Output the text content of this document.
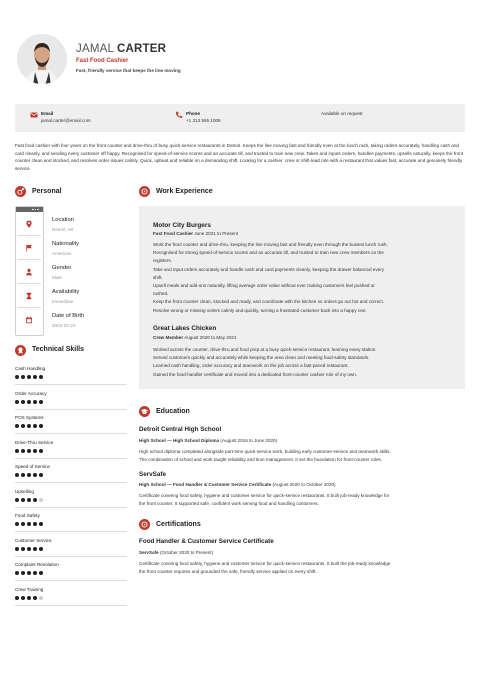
JAMAL CARTER
Fast Food Cashier
Fast, friendly service that keeps the line moving
Email
jamal.carter@email.com
Phone
+1 313 555 1006
Available on request
Fast food cashier with four years on the front counter and drive-thru of busy quick-service restaurants in Detroit. Keeps the line moving fast and friendly even at the lunch rush, taking orders accurately, handling cash and card cleanly, and sending every customer off happy. Recognised for speed-of-service scores and an accurate till, and trusted to train new crew. Takes and inputs orders, handles payments, upsells naturally, keeps the front counter clean and stocked, and resolves order issues calmly. Quick, upbeat and reliable on a demanding shift. Looking for a cashier, crew or shift-lead role with a restaurant that values fast, accurate and genuinely friendly service.
Personal
Location
Detroit, MI
Nationality
American
Gender
Male
Availability
Immediate
Date of Birth
2002-03-22
Technical Skills
Cash Handling
Order Accuracy
POS Systems
Drive-Thru Service
Speed of Service
Upselling
Food Safety
Customer Service
Complaint Resolution
Crew Training
Work Experience
Motor City Burgers
Fast Food Cashier June 2021 to Present
Work the front counter and drive-thru, keeping the line moving fast and friendly even through the busiest lunch rush.
Recognised for strong speed-of-service scores and an accurate till, and trusted to train new crew members on the
registers.
Take and input orders accurately and handle cash and card payments cleanly, keeping the drawer balanced every
shift.
Upsell meals and add-ons naturally, lifting average order value without ever making customers feel pushed or
rushed.
Keep the front counter clean, stocked and ready, and coordinate with the kitchen so orders go out hot and correct.
Resolve wrong or missing orders calmly and quickly, turning a frustrated customer back into a happy one.
Great Lakes Chicken
Crew Member August 2020 to May 2021
Worked across the counter, drive-thru and food prep at a busy quick-service restaurant, learning every station.
Served customers quickly and accurately while keeping the area clean and meeting food-safety standards.
Learned cash handling, order accuracy and teamwork on the job across a fast-paced restaurant.
Gained the food-handler certificate and moved into a dedicated front-counter cashier role of my own.
Education
Detroit Central High School
High School — High School Diploma (August 2016 to June 2020)
High school diploma completed alongside part-time quick-service work, building early customer-service and teamwork skills.
The combination of school and work taught reliability and time management. It set the foundation for front-counter roles.
ServSafe
High School — Food Handler & Customer Service Certificate (August 2020 to October 2020)
Certificate covering food safety, hygiene and customer service for quick-service restaurants. It built job-ready knowledge for
the front counter. It supported safe, confident work serving food and handling customers.
Certifications
Food Handler & Customer Service Certificate
ServSafe (October 2020 to Present)
Certificate covering food safety, hygiene and customer service for quick-service restaurants. It built the job-ready knowledge
the front counter requires and grounded the safe, friendly service applied on every shift.
